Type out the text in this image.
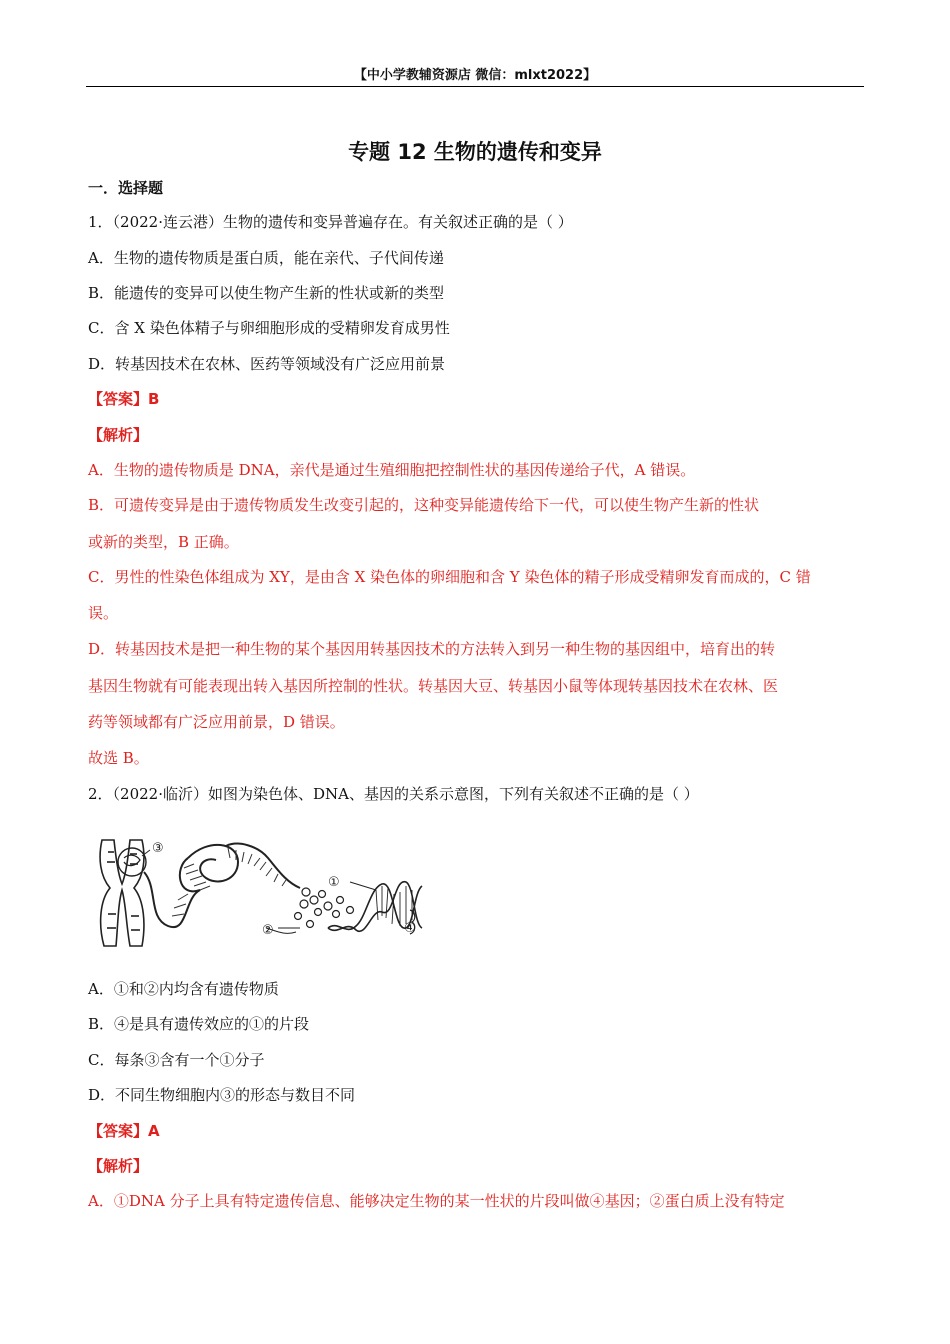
【中小学教辅资源店 微信：mlxt2022】
专题 12 生物的遗传和变异
一．选择题
1．（2022·连云港）生物的遗传和变异普遍存在。有关叙述正确的是（ ）
A．生物的遗传物质是蛋白质，能在亲代、子代间传递
B．能遗传的变异可以使生物产生新的性状或新的类型
C．含 X 染色体精子与卵细胞形成的受精卵发育成男性
D．转基因技术在农林、医药等领域没有广泛应用前景
【答案】B
【解析】
A．生物的遗传物质是 DNA，亲代是通过生殖细胞把控制性状的基因传递给子代，A 错误。
B．可遗传变异是由于遗传物质发生改变引起的，这种变异能遗传给下一代，可以使生物产生新的性状
或新的类型，B 正确。
C．男性的性染色体组成为 XY，是由含 X 染色体的卵细胞和含 Y 染色体的精子形成受精卵发育而成的，C 错
误。
D．转基因技术是把一种生物的某个基因用转基因技术的方法转入到另一种生物的基因组中，培育出的转
基因生物就有可能表现出转入基因所控制的性状。转基因大豆、转基因小鼠等体现转基因技术在农林、医
药等领域都有广泛应用前景，D 错误。
故选 B。
2．（2022·临沂）如图为染色体、DNA、基因的关系示意图，下列有关叙述不正确的是（ ）
③
①
②	④
A．①和②内均含有遗传物质
B．④是具有遗传效应的①的片段
C．每条③含有一个①分子
D．不同生物细胞内③的形态与数目不同
【答案】A
【解析】
A．①DNA 分子上具有特定遗传信息、能够决定生物的某一性状的片段叫做④基因；②蛋白质上没有特定
